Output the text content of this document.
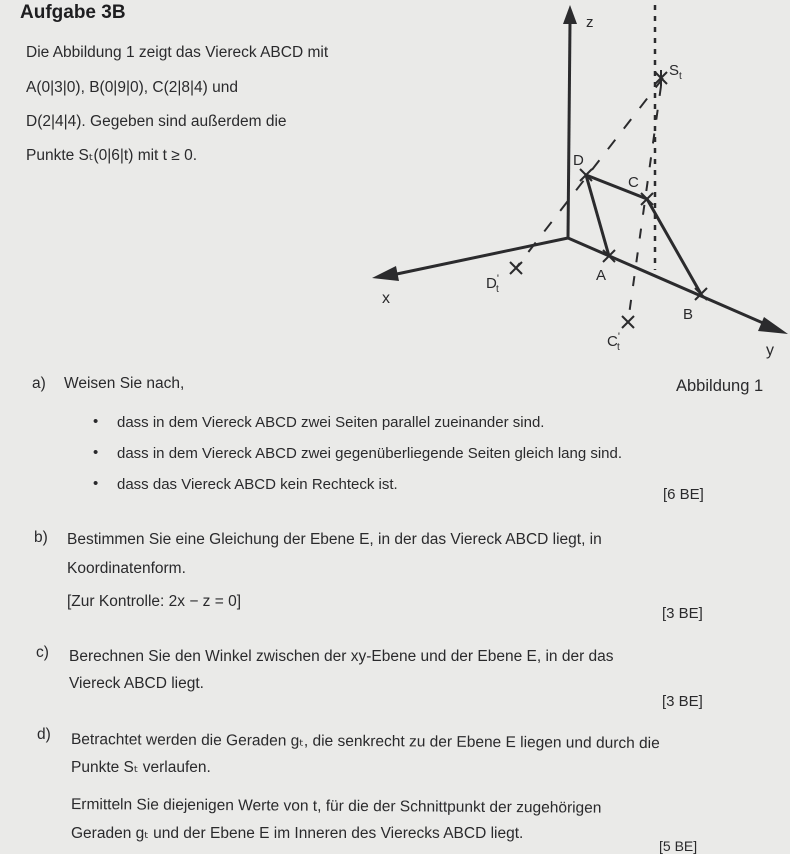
Aufgabe 3B
Die Abbildung 1 zeigt das Viereck ABCD mit
A(0|3|0), B(0|9|0), C(2|8|4) und
D(2|4|4). Gegeben sind außerdem die
Punkte Sₜ(0|6|t) mit t ≥ 0.
z
x
y
$S_t$
D
C
A
B
$D'_t$
$C'_t$
Abbildung 1
a) Weisen Sie nach,
• dass in dem Viereck ABCD zwei Seiten parallel zueinander sind.
• dass in dem Viereck ABCD zwei gegenüberliegende Seiten gleich lang sind.
• dass das Viereck ABCD kein Rechteck ist.
[6 BE]
b) Bestimmen Sie eine Gleichung der Ebene E, in der das Viereck ABCD liegt, in
Koordinatenform.
[Zur Kontrolle: 2x − z = 0]
[3 BE]
c) Berechnen Sie den Winkel zwischen der xy-Ebene und der Ebene E, in der das
Viereck ABCD liegt.
[3 BE]
d) Betrachtet werden die Geraden gₜ, die senkrecht zu der Ebene E liegen und durch die
Punkte Sₜ verlaufen.
Ermitteln Sie diejenigen Werte von t, für die der Schnittpunkt der zugehörigen
Geraden gₜ und der Ebene E im Inneren des Vierecks ABCD liegt.
[5 BE]
